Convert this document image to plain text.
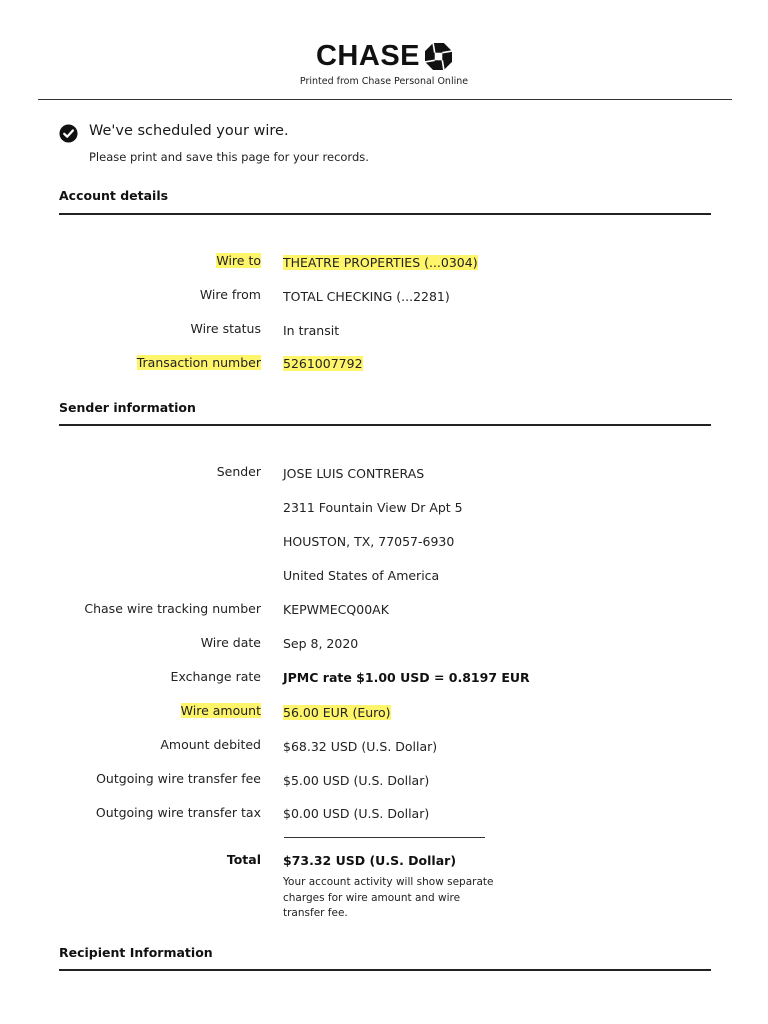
CHASE
Printed from Chase Personal Online
We've scheduled your wire.
Please print and save this page for your records.
Account details
Wire to THEATRE PROPERTIES (...0304)
Wire from TOTAL CHECKING (...2281)
Wire status In transit
Transaction number 5261007792
Sender information
Sender JOSE LUIS CONTRERAS
2311 Fountain View Dr Apt 5
HOUSTON, TX, 77057-6930
United States of America
Chase wire tracking number KEPWMECQ00AK
Wire date Sep 8, 2020
Exchange rate JPMC rate $1.00 USD = 0.8197 EUR
Wire amount 56.00 EUR (Euro)
Amount debited $68.32 USD (U.S. Dollar)
Outgoing wire transfer fee $5.00 USD (U.S. Dollar)
Outgoing wire transfer tax $0.00 USD (U.S. Dollar)
Total $73.32 USD (U.S. Dollar)
Your account activity will show separate charges for wire amount and wire transfer fee.
Recipient Information
